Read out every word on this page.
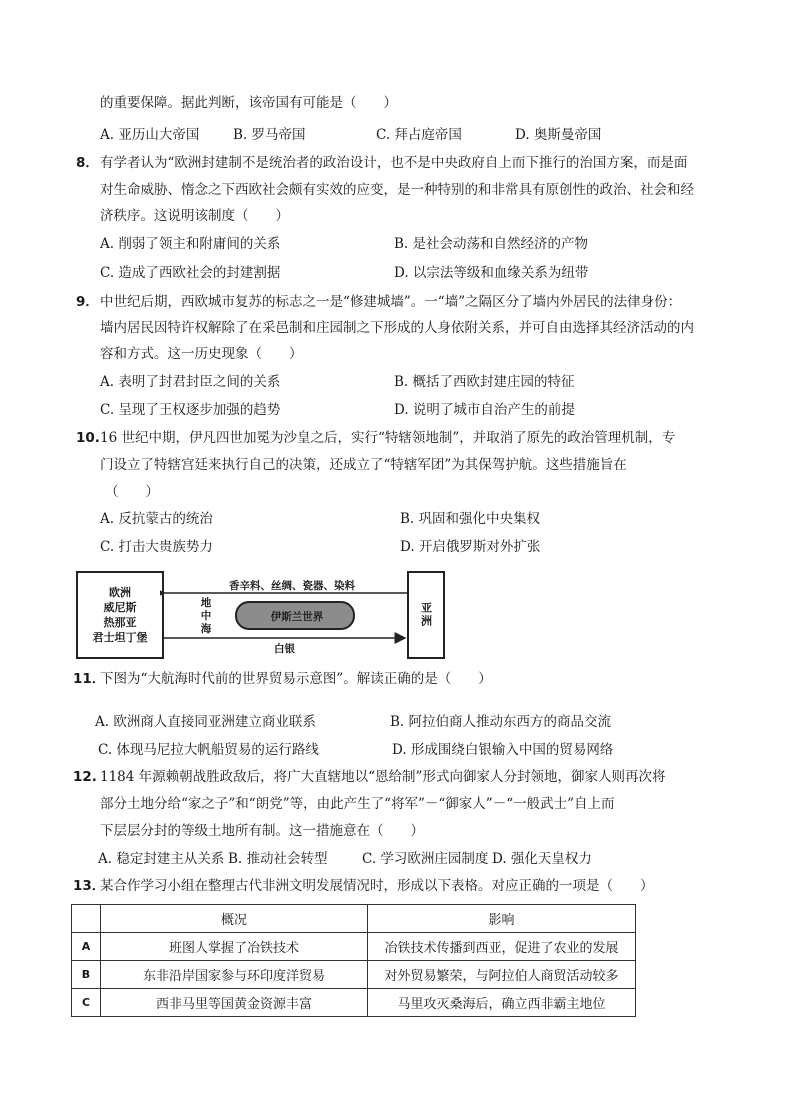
的重要保障。据此判断，该帝国有可能是（　　）
A. 亚历山大帝国 B. 罗马帝国	C. 拜占庭帝国	D. 奥斯曼帝国
8． 有学者认为“欧洲封建制不是统治者的政治设计，也不是中央政府自上而下推行的治国方案，而是面
对生命威胁、惰念之下西欧社会颇有实效的应变，是一种特别的和非常具有原创性的政治、社会和经
济秩序。这说明该制度（　　）
A. 削弱了领主和附庸间的关系	B. 是社会动荡和自然经济的产物
C. 造成了西欧社会的封建割据	D. 以宗法等级和血缘关系为纽带
9． 中世纪后期，西欧城市复苏的标志之一是“修建城墙”。一“墙”之隔区分了墙内外居民的法律身份：
墙内居民因特许权解除了在采邑制和庄园制之下形成的人身依附关系，并可自由选择其经济活动的内
容和方式。这一历史现象（　　）
A. 表明了封君封臣之间的关系	B. 概括了西欧封建庄园的特征
C. 呈现了王权逐步加强的趋势	D. 说明了城市自治产生的前提
10. 16 世纪中期，伊凡四世加冕为沙皇之后，实行“特辖领地制”，并取消了原先的政治管理机制，专
门设立了特辖宫廷来执行自己的决策，还成立了“特辖军团”为其保驾护航。这些措施旨在
（　　）
A. 反抗蒙古的统治	B. 巩固和强化中央集权
C. 打击大贵族势力	D. 开启俄罗斯对外扩张
欧洲
威尼斯
热那亚
君士坦丁堡
亚洲
香辛料、丝绸、瓷器、染料
地
中
海
伊斯兰世界
白银
11．
下图为“大航海时代前的世界贸易示意图”。解读正确的是（　　）
A. 欧洲商人直接同亚洲建立商业联系	B. 阿拉伯商人推动东西方的商品交流
C. 体现马尼拉大帆船贸易的运行路线	D. 形成围绕白银输入中国的贸易网络
12. 1184 年源赖朝战胜政敌后，将广大直辖地以“恩给制”形式向御家人分封领地，御家人则再次将
部分土地分给“家之子”和“朗党”等，由此产生了“将军”－“御家人”－“一般武士”自上而
下层层分封的等级土地所有制。这一措施意在（　　）
A. 稳定封建主从关系 B. 推动社会转型	C. 学习欧洲庄园制度 D. 强化天皇权力
13．
某合作学习小组在整理古代非洲文明发展情况时，形成以下表格。对应正确的一项是（　　）
	概况	影响
A	班图人掌握了冶铁技术	冶铁技术传播到西亚，促进了农业的发展
B	东非沿岸国家参与环印度洋贸易	对外贸易繁荣，与阿拉伯人商贸活动较多
C	西非马里等国黄金资源丰富	马里攻灭桑海后，确立西非霸主地位
